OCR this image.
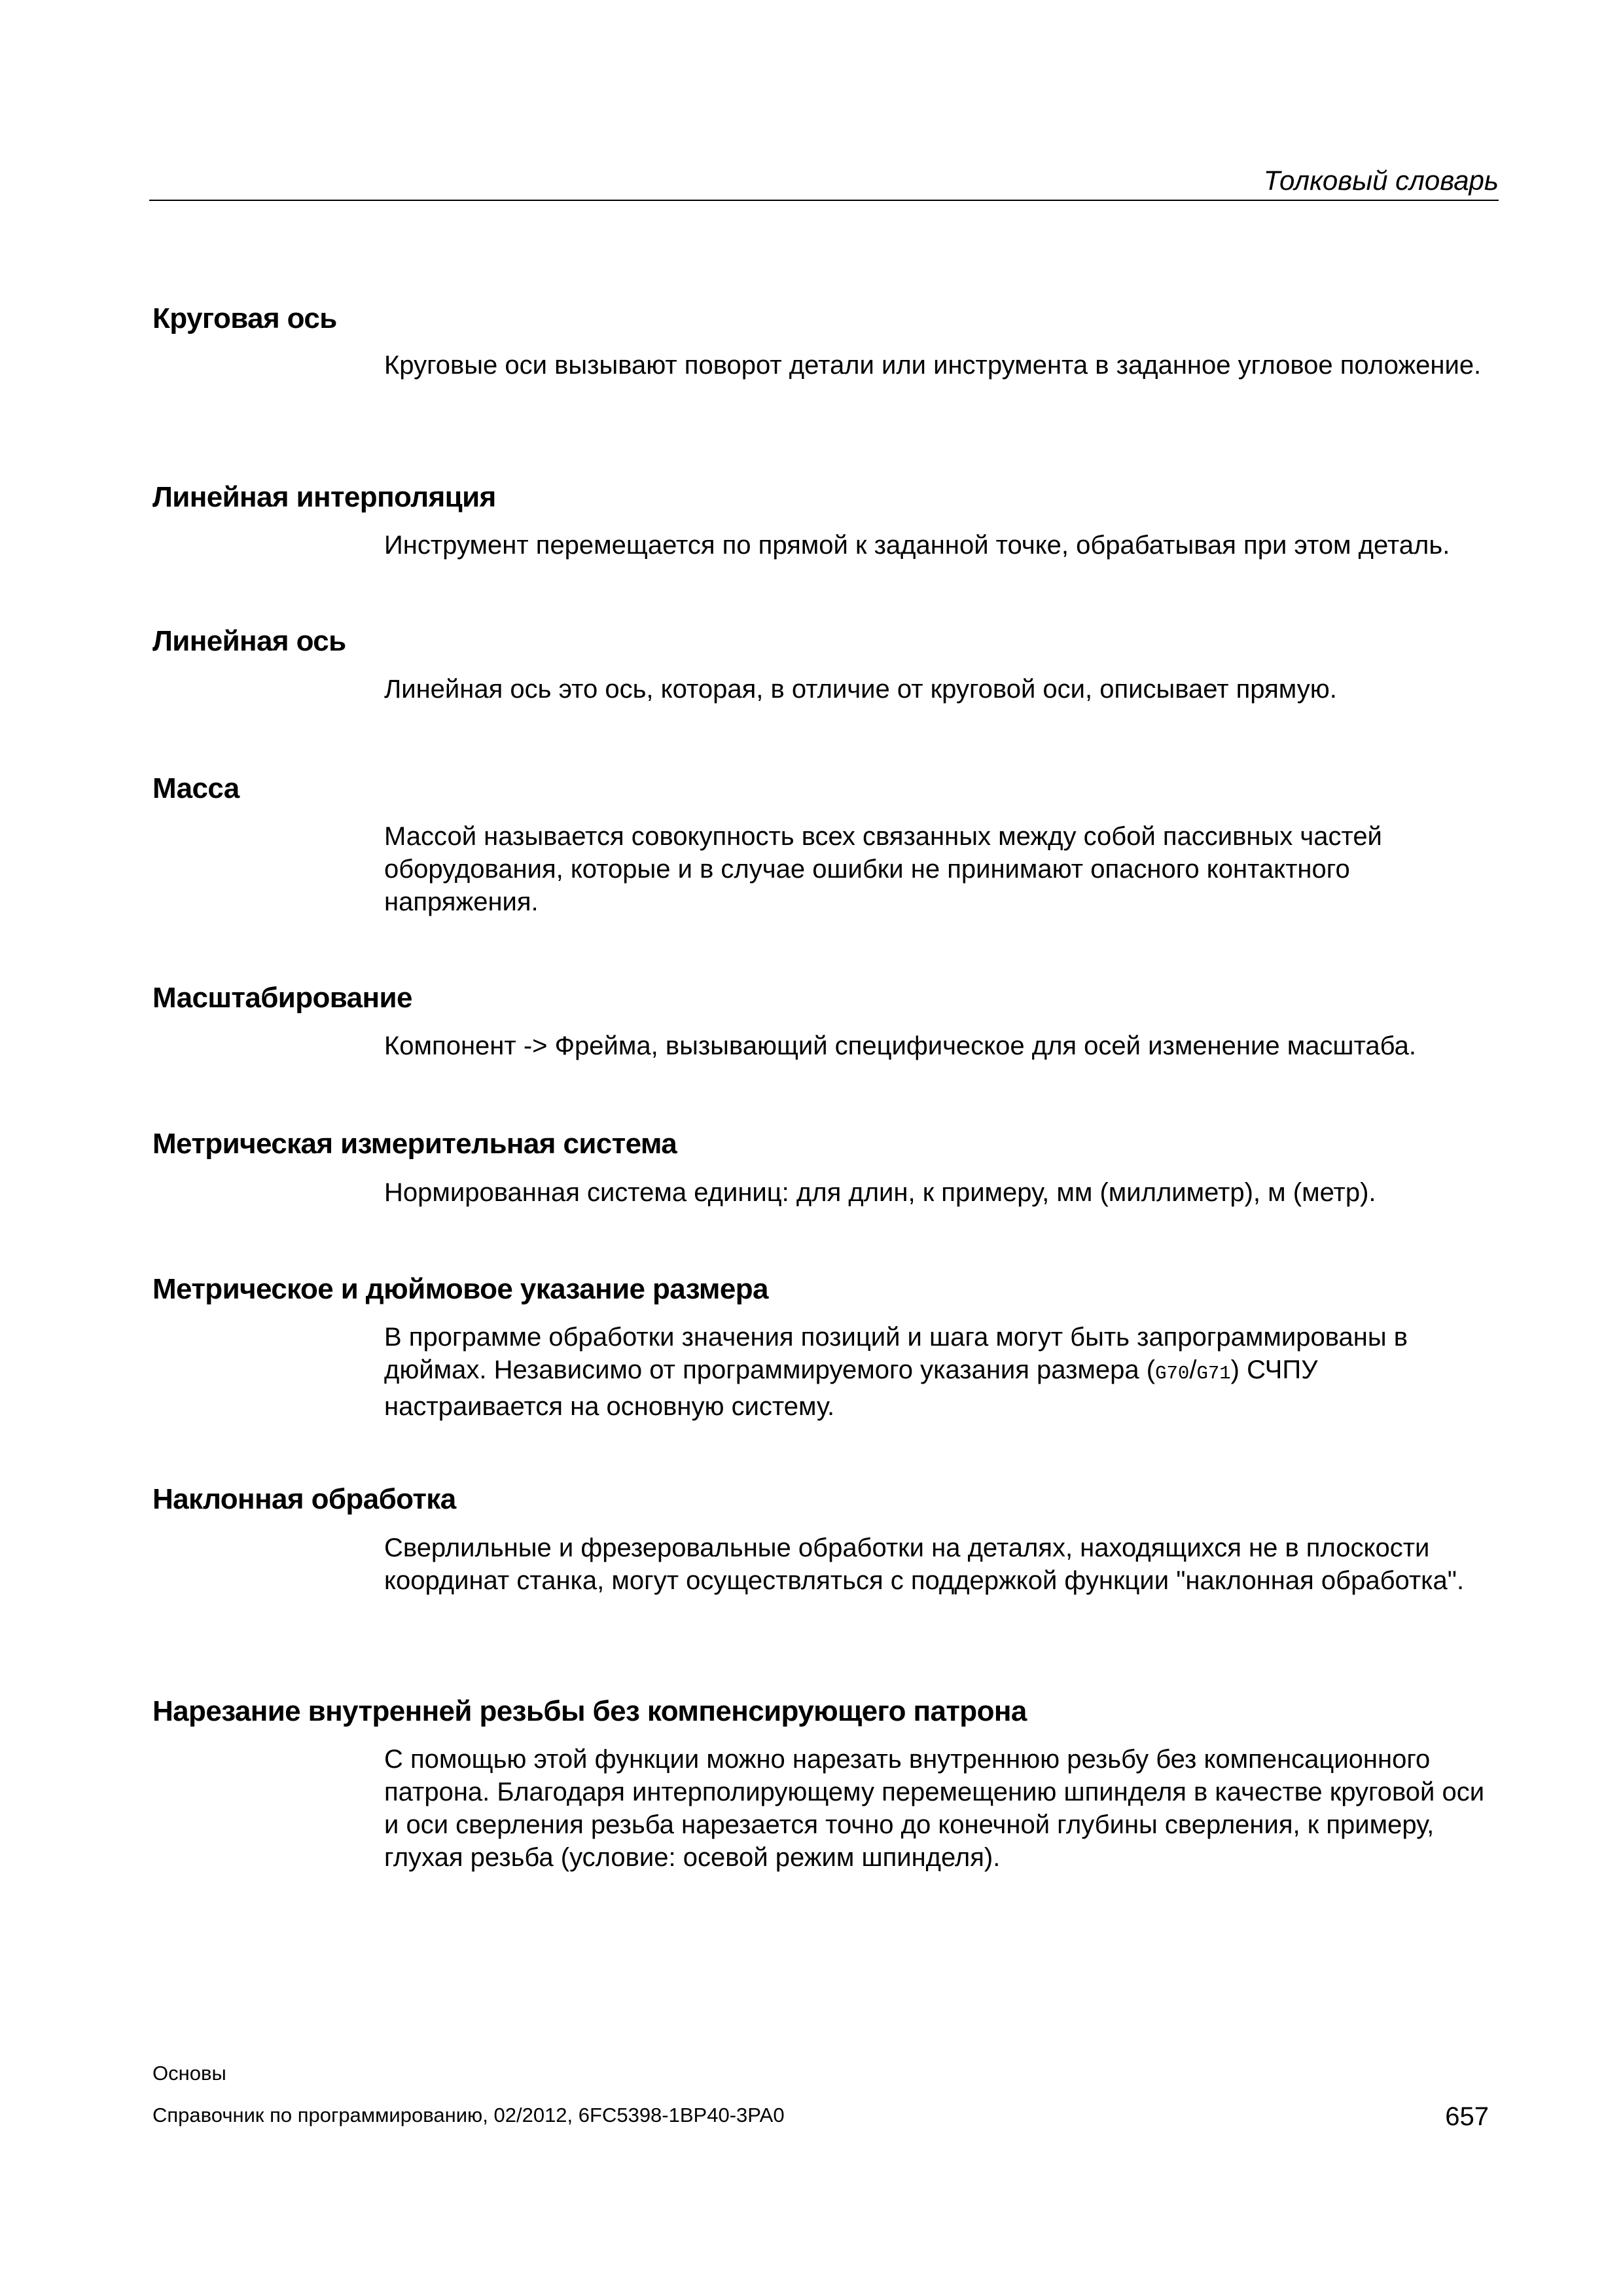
Толковый словарь
Круговая ось
Круговые оси вызывают поворот детали или инструмента в заданное угловое положение.
Линейная интерполяция
Инструмент перемещается по прямой к заданной точке, обрабатывая при этом деталь.
Линейная ось
Линейная ось это ось, которая, в отличие от круговой оси, описывает прямую.
Масса
Массой называется совокупность всех связанных между собой пассивных частей оборудования, которые и в случае ошибки не принимают опасного контактного напряжения.
Масштабирование
Компонент -> Фрейма, вызывающий специфическое для осей изменение масштаба.
Метрическая измерительная система
Нормированная система единиц: для длин, к примеру, мм (миллиметр), м (метр).
Метрическое и дюймовое указание размера
В программе обработки значения позиций и шага могут быть запрограммированы в дюймах. Независимо от программируемого указания размера (G70/G71) СЧПУ настраивается на основную систему.
Наклонная обработка
Сверлильные и фрезеровальные обработки на деталях, находящихся не в плоскости координат станка, могут осуществляться с поддержкой функции "наклонная обработка".
Нарезание внутренней резьбы без компенсирующего патрона
С помощью этой функции можно нарезать внутреннюю резьбу без компенсационного патрона. Благодаря интерполирующему перемещению шпинделя в качестве круговой оси и оси сверления резьба нарезается точно до конечной глубины сверления, к примеру, глухая резьба (условие: осевой режим шпинделя).
Основы
Справочник по программированию, 02/2012, 6FC5398-1BP40-3PA0	657
